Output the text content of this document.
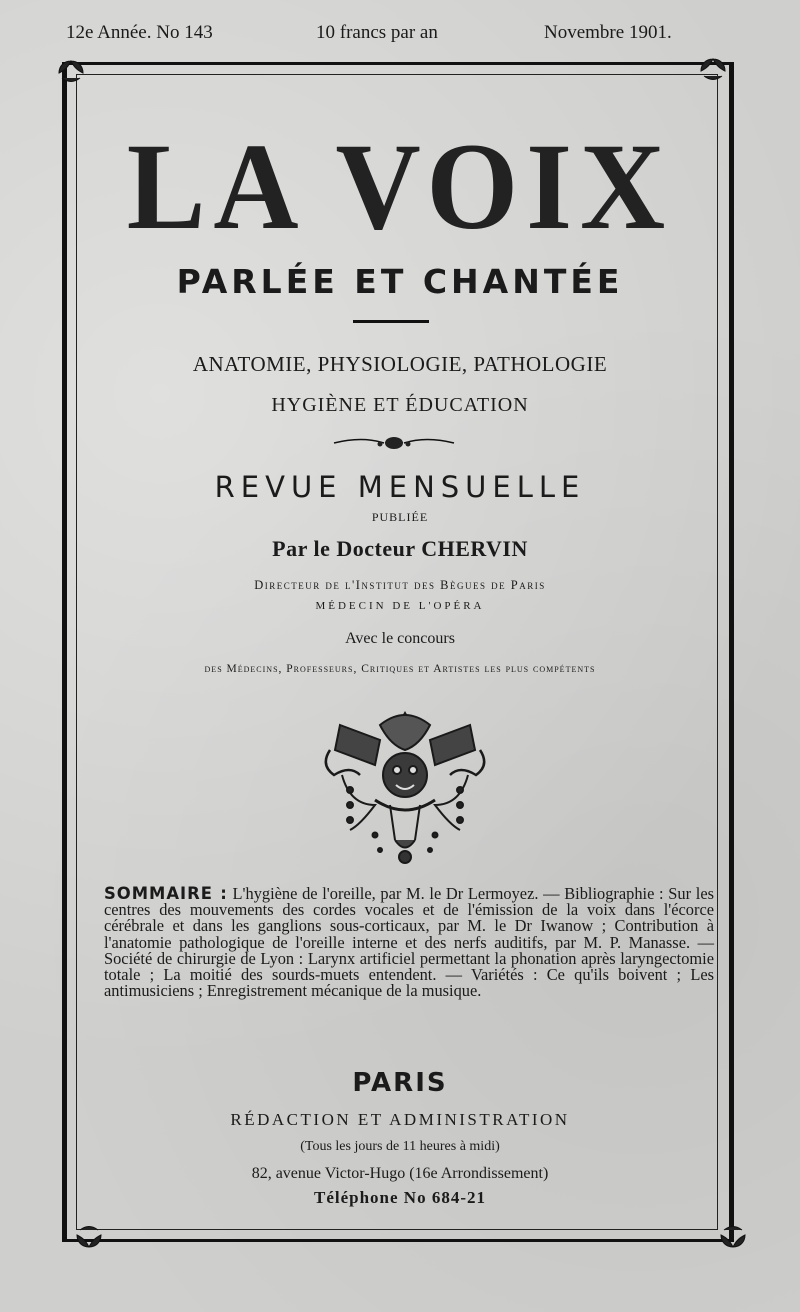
12e Année. No 143	10 francs par an	Novembre 1901.
LA VOIX
PARLÉE ET CHANTÉE
ANATOMIE, PHYSIOLOGIE, PATHOLOGIE
HYGIÈNE ET ÉDUCATION
REVUE MENSUELLE
PUBLIÉE
Par le Docteur CHERVIN
Directeur de l'Institut des Bègues de Paris
MÉDECIN DE L'OPÉRA
Avec le concours
des Médecins, Professeurs, Critiques et Artistes les plus compétents
SOMMAIRE : L'hygiène de l'oreille, par M. le Dr Lermoyez. — Bibliographie : Sur les centres des mouvements des cordes vocales et de l'émission de la voix dans l'écorce cérébrale et dans les ganglions sous-corticaux, par M. le Dr Iwanow ; Contribution à l'anatomie pathologique de l'oreille interne et des nerfs auditifs, par M. P. Manasse. — Société de chirurgie de Lyon : Larynx artificiel permettant la phonation après laryngectomie totale ; La moitié des sourds-muets entendent. — Variétés : Ce qu'ils boivent ; Les antimusiciens ; Enregistrement mécanique de la musique.
PARIS
RÉDACTION ET ADMINISTRATION
(Tous les jours de 11 heures à midi)
82, avenue Victor-Hugo (16e Arrondissement)
Téléphone No 684-21
